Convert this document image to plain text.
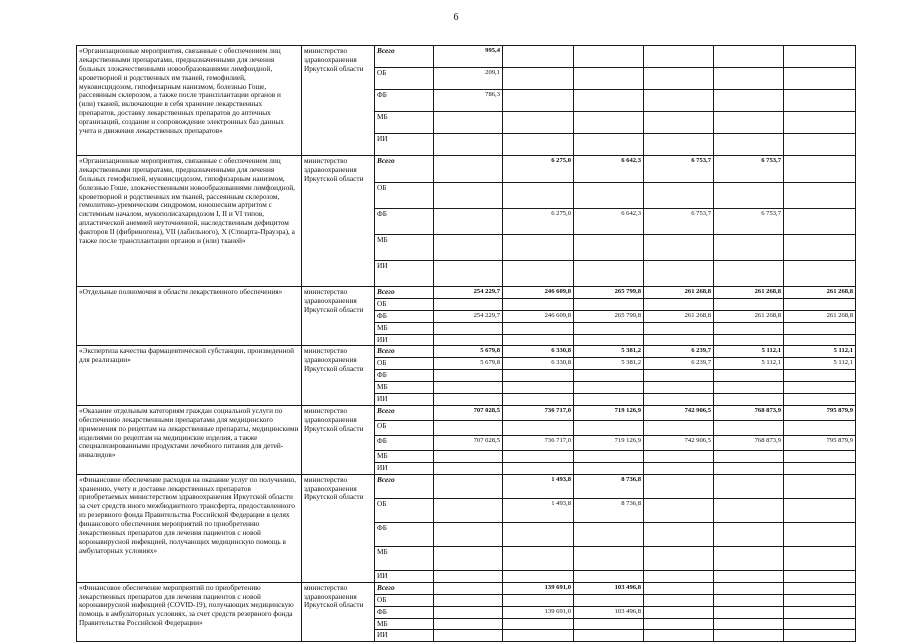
6
«Организационные мероприятия, связанные с обеспечением лиц лекарственными препаратами, предназначенными для лечения больных злокачественными новообразованиями лимфоидной, кроветворной и родственных им тканей, гемофилией, муковисцидозом, гипофизарным нанизмом, болезнью Гоше, рассеянным склерозом, а также после трансплантации органов и (или) тканей, включающие в себя хранение лекарственных препаратов, доставку лекарственных препаратов до аптечных организаций, создание и сопровождение электронных баз данных учета и движения лекарственных препаратов»	министерство здравоохранения Иркутской области	Всего	995,4					
		ОБ	209,1					
		ФБ	786,3					
		МБ						
		ИИ						
«Организационные мероприятия, связанные с обеспечением лиц лекарственными препаратами, предназначенными для лечения больных гемофилией, муковисцидозом, гипофизарным нанизмом, болезнью Гоше, злокачественными новообразованиями лимфоидной, кроветворной и родственных им тканей, рассеянным склерозом, гемолитико-уремическим синдромом, юношеским артритом с системным началом, мукополисахаридозом I, II и VI типов, апластической анемией неуточненной, наследственным дефицитом факторов II (фибриногена), VII (лабильного), X (Стюарта-Прауэра), а также после трансплантации органов и (или) тканей»	министерство здравоохранения Иркутской области	Всего		6 275,0	6 642,3	6 753,7	6 753,7	
		ОБ						
		ФБ		6 275,0	6 642,3	6 753,7	6 753,7	
		МБ						
		ИИ						
«Отдельные полномочия в области лекарственного обеспечения»	министерство здравоохранения Иркутской области	Всего	254 229,7	246 609,8	265 799,8	261 268,8	261 268,8	261 268,8
		ОБ						
		ФБ	254 229,7	246 609,8	265 799,8	261 268,8	261 268,8	261 268,8
		МБ						
		ИИ						
«Экспертиза качества фармацевтической субстанции, произведенной для реализации»	министерство здравоохранения Иркутской области	Всего	5 679,8	6 330,8	5 381,2	6 239,7	5 112,1	5 112,1
		ОБ	5 679,8	6 330,8	5 381,2	6 239,7	5 112,1	5 112,1
		ФБ						
		МБ						
		ИИ						
«Оказание отдельным категориям граждан социальной услуги по обеспечению лекарственными препаратами для медицинского применения по рецептам на лекарственные препараты, медицинскими изделиями по рецептам на медицинские изделия, а также специализированными продуктами лечебного питания для детей-инвалидов»	министерство здравоохранения Иркутской области	Всего	707 028,5	736 717,0	719 126,9	742 906,5	768 873,9	795 879,9
		ОБ						
		ФБ	707 028,5	736 717,0	719 126,9	742 906,5	768 873,9	795 879,9
		МБ						
		ИИ						
«Финансовое обеспечение расходов на оказание услуг по получению, хранению, учету и доставке лекарственных препаратов приобретаемых министерством здравоохранения Иркутской области за счет средств иного межбюджетного трансферта, предоставленного из резервного фонда Правительства Российской Федерации в целях финансового обеспечения мероприятий по приобретению лекарственных препаратов для лечения пациентов с новой коронавирусной инфекцией, получающих медицинскую помощь в амбулаторных условиях»	министерство здравоохранения Иркутской области	Всего		1 493,8	8 736,8			
		ОБ		1 493,8	8 736,8			
		ФБ						
		МБ						
		ИИ						
«Финансовое обеспечение мероприятий по приобретению лекарственных препаратов для лечения пациентов с новой коронавирусной инфекцией (COVID-19), получающих медицинскую помощь в амбулаторных условиях, за счет средств резервного фонда Правительства Российской Федерации»	министерство здравоохранения Иркутской области	Всего		139 691,0	103 496,8			
		ОБ						
		ФБ		139 691,0	103 496,8			
		МБ						
		ИИ						
